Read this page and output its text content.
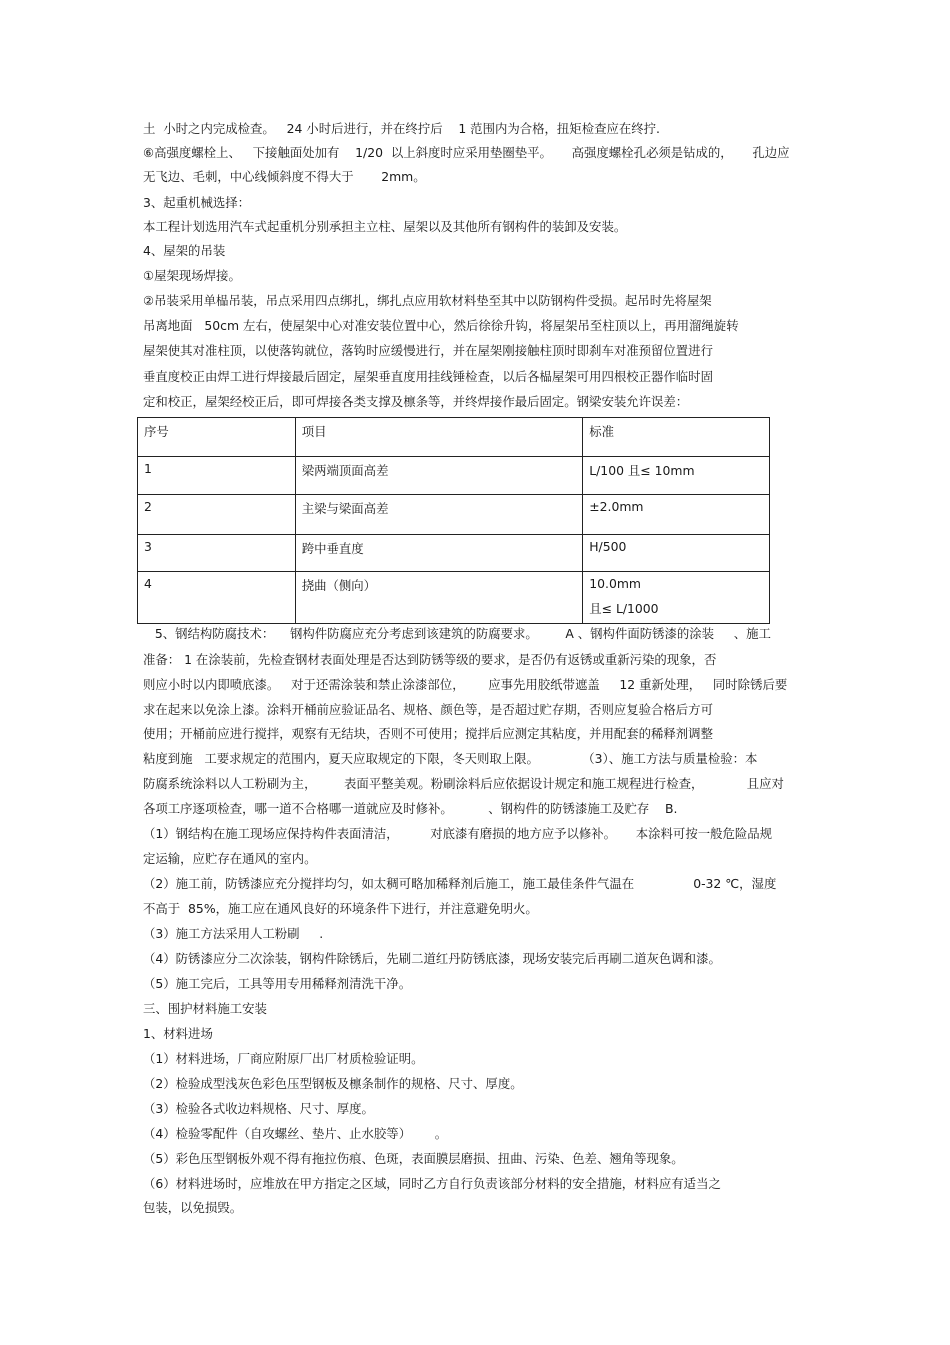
土  小时之内完成检查。   24 小时后进行，并在终拧后    1 范围内为合格，扭矩检查应在终拧.
⑥高强度螺栓上、   下接触面处加有    1/20  以上斜度时应采用垫圈垫平。     高强度螺栓孔必须是钻成的，     孔边应
无飞边、毛刺，中心线倾斜度不得大于       2mm。
3、起重机械选择：
本工程计划选用汽车式起重机分别承担主立柱、屋架以及其他所有钢构件的装卸及安装。
4、屋架的吊装
①屋架现场焊接。
②吊装采用单榀吊装，吊点采用四点绑扎，绑扎点应用软材料垫至其中以防钢构件受损。起吊时先将屋架
吊离地面   50cm 左右，使屋架中心对准安装位置中心，然后徐徐升钩，将屋架吊至柱顶以上，再用溜绳旋转
屋架使其对准柱顶，以使落钩就位，落钩时应缓慢进行，并在屋架刚接触柱顶时即刹车对准预留位置进行
垂直度校正由焊工进行焊接最后固定，屋架垂直度用挂线锤检查，以后各榀屋架可用四根校正器作临时固
定和校正，屋架经校正后，即可焊接各类支撑及檩条等，并终焊接作最后固定。钢梁安装允许误差：
序号	项目	标准
1	梁两端顶面高差	L/100 且≤ 10mm
2	主梁与梁面高差	±2.0mm
3	跨中垂直度	H/500
4	挠曲（侧向）	10.0mm
且≤ L/1000
5、钢结构防腐技术：    钢构件防腐应充分考虑到该建筑的防腐要求。       A 、钢构件面防锈漆的涂装     、施工
准备： 1 在涂装前，先检查钢材表面处理是否达到防锈等级的要求，是否仍有返锈或重新污染的现象，否
则应小时以内即喷底漆。   对于还需涂装和禁止涂漆部位，      应事先用胶纸带遮盖     12 重新处理，   同时除锈后要
求在起来以免涂上漆。涂料开桶前应验证品名、规格、颜色等，是否超过贮存期，否则应复验合格后方可
使用；开桶前应进行搅拌，观察有无结块，否则不可使用；搅拌后应测定其粘度，并用配套的稀释剂调整
粘度到施   工要求规定的范围内，夏天应取规定的下限，冬天则取上限。           （3）、施工方法与质量检验：本
防腐系统涂料以人工粉刷为主，       表面平整美观。粉刷涂料后应依据设计规定和施工规程进行检查，           且应对
各项工序逐项检查，哪一道不合格哪一道就应及时修补。         、钢构件的防锈漆施工及贮存    B.
（1）钢结构在施工现场应保持构件表面清洁，        对底漆有磨损的地方应予以修补。     本涂料可按一般危险品规
定运输，应贮存在通风的室内。
（2）施工前，防锈漆应充分搅拌均匀，如太稠可略加稀释剂后施工，施工最佳条件气温在               0-32 ℃，湿度
不高于  85%，施工应在通风良好的环境条件下进行，并注意避免明火。
（3）施工方法采用人工粉刷     .
（4）防锈漆应分二次涂装，钢构件除锈后，先刷二道红丹防锈底漆，现场安装完后再刷二道灰色调和漆。
（5）施工完后，工具等用专用稀释剂清洗干净。
三、围护材料施工安装
1、材料进场
（1）材料进场，厂商应附原厂出厂材质检验证明。
（2）检验成型浅灰色彩色压型钢板及檩条制作的规格、尺寸、厚度。
（3）检验各式收边料规格、尺寸、厚度。
（4）检验零配件（自攻螺丝、垫片、止水胶等）      。
（5）彩色压型钢板外观不得有拖拉伤痕、色斑，表面膜层磨损、扭曲、污染、色差、翘角等现象。
（6）材料进场时，应堆放在甲方指定之区域，同时乙方自行负责该部分材料的安全措施，材料应有适当之
包装，以免损毁。
